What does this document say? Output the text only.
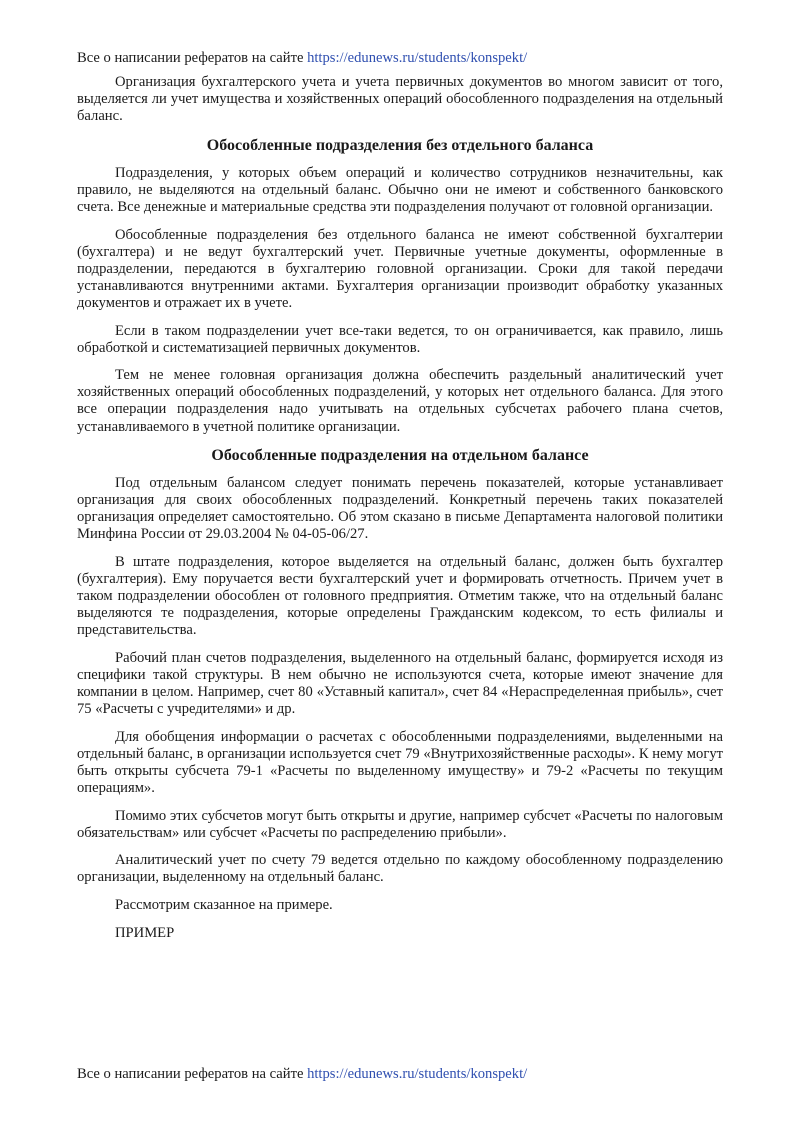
Все о написании рефератов на сайте https://edunews.ru/students/konspekt/

Организация бухгалтерского учета и учета первичных документов во многом зависит от того, выделяется ли учет имущества и хозяйственных операций обособленного подразделения на отдельный баланс.

Обособленные подразделения без отдельного баланса

Подразделения, у которых объем операций и количество сотрудников незначительны, как правило, не выделяются на отдельный баланс. Обычно они не имеют и собственного банковского счета. Все денежные и материальные средства эти подразделения получают от головной организации.

Обособленные подразделения без отдельного баланса не имеют собственной бухгалтерии (бухгалтера) и не ведут бухгалтерский учет. Первичные учетные документы, оформленные в подразделении, передаются в бухгалтерию головной организации. Сроки для такой передачи устанавливаются внутренними актами. Бухгалтерия организации производит обработку указанных документов и отражает их в учете.

Если в таком подразделении учет все-таки ведется, то он ограничивается, как правило, лишь обработкой и систематизацией первичных документов.

Тем не менее головная организация должна обеспечить раздельный аналитический учет хозяйственных операций обособленных подразделений, у которых нет отдельного баланса. Для этого все операции подразделения надо учитывать на отдельных субсчетах рабочего плана счетов, устанавливаемого в учетной политике организации.

Обособленные подразделения на отдельном балансе

Под отдельным балансом следует понимать перечень показателей, которые устанавливает организация для своих обособленных подразделений. Конкретный перечень таких показателей организация определяет самостоятельно. Об этом сказано в письме Департамента налоговой политики Минфина России от 29.03.2004 № 04-05-06/27.

В штате подразделения, которое выделяется на отдельный баланс, должен быть бухгалтер (бухгалтерия). Ему поручается вести бухгалтерский учет и формировать отчетность. Причем учет в таком подразделении обособлен от головного предприятия. Отметим также, что на отдельный баланс выделяются те подразделения, которые определены Гражданским кодексом, то есть филиалы и представительства.

Рабочий план счетов подразделения, выделенного на отдельный баланс, формируется исходя из специфики такой структуры. В нем обычно не используются счета, которые имеют значение для компании в целом. Например, счет 80 «Уставный капитал», счет 84 «Нераспределенная прибыль», счет 75 «Расчеты с учредителями» и др.

Для обобщения информации о расчетах с обособленными подразделениями, выделенными на отдельный баланс, в организации используется счет 79 «Внутрихозяйственные расходы». К нему могут быть открыты субсчета 79-1 «Расчеты по выделенному имуществу» и 79-2 «Расчеты по текущим операциям».

Помимо этих субсчетов могут быть открыты и другие, например субсчет «Расчеты по налоговым обязательствам» или субсчет «Расчеты по распределению прибыли».

Аналитический учет по счету 79 ведется отдельно по каждому обособленному подразделению организации, выделенному на отдельный баланс.

Рассмотрим сказанное на примере.

ПРИМЕР

Все о написании рефератов на сайте https://edunews.ru/students/konspekt/
